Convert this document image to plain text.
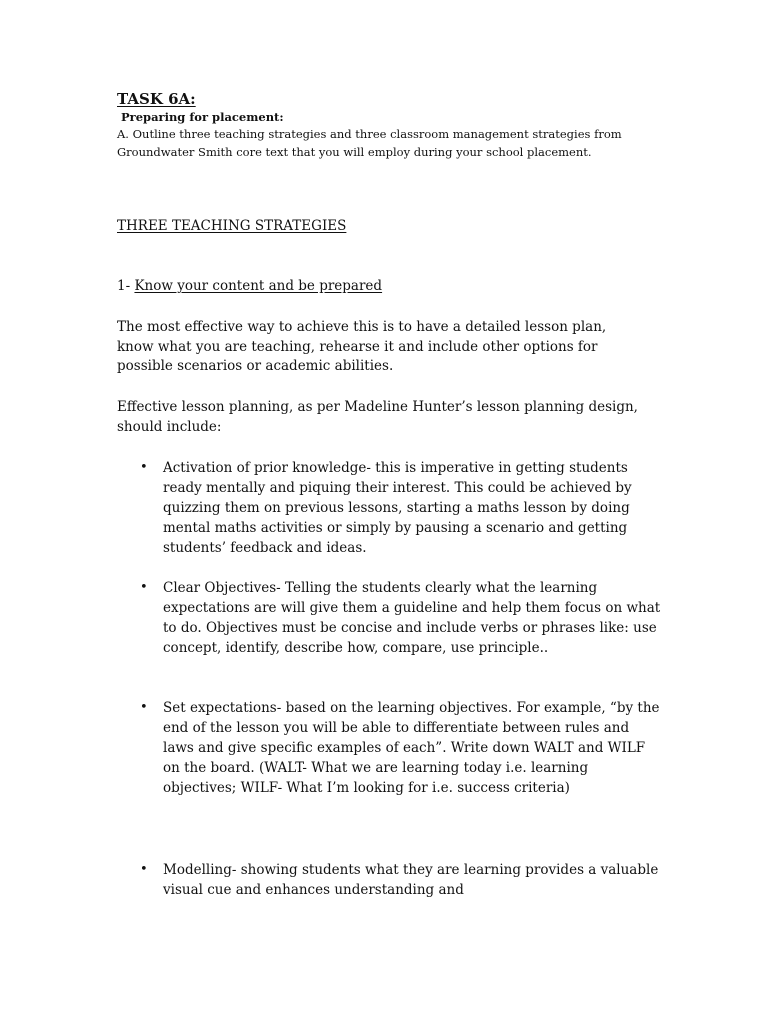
TASK 6A:

Preparing for placement:

A. Outline three teaching strategies and three classroom management strategies from Groundwater Smith core text that you will employ during your school placement.

THREE TEACHING STRATEGIES

1- Know your content and be prepared

The most effective way to achieve this is to have a detailed lesson plan, know what you are teaching, rehearse it and include other options for possible scenarios or academic abilities.

Effective lesson planning, as per Madeline Hunter’s lesson planning design, should include:

• Activation of prior knowledge- this is imperative in getting students ready mentally and piquing their interest. This could be achieved by quizzing them on previous lessons, starting a maths lesson by doing mental maths activities or simply by pausing a scenario and getting students’ feedback and ideas.
• Clear Objectives- Telling the students clearly what the learning expectations are will give them a guideline and help them focus on what to do. Objectives must be concise and include verbs or phrases like: use concept, identify, describe how, compare, use principle..
• Set expectations- based on the learning objectives. For example, “by the end of the lesson you will be able to differentiate between rules and laws and give specific examples of each”. Write down WALT and WILF on the board. (WALT- What we are learning today i.e. learning objectives; WILF- What I’m looking for i.e. success criteria)
• Modelling- showing students what they are learning provides a valuable visual cue and enhances understanding and
